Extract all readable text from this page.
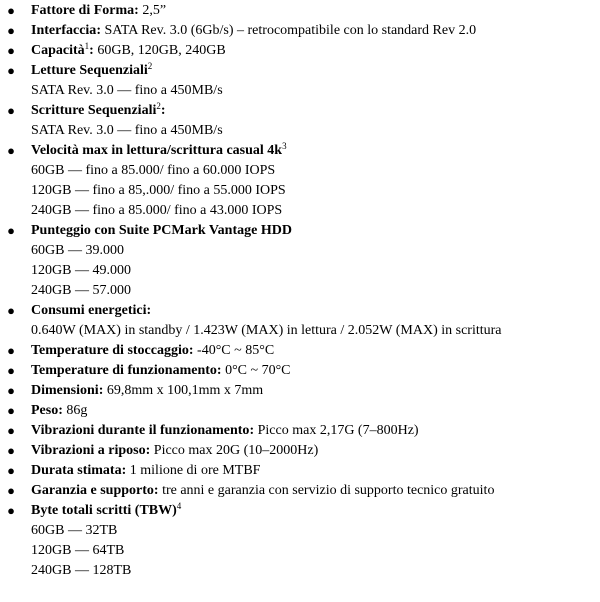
● Fattore di Forma: 2,5”
● Interfaccia: SATA Rev. 3.0 (6Gb/s) – retrocompatibile con lo standard Rev 2.0
● Capacità$^1$: 60GB, 120GB, 240GB
● Letture Sequenziali$^2$
SATA Rev. 3.0 — fino a 450MB/s
● Scritture Sequenziali$^2$:
SATA Rev. 3.0 — fino a 450MB/s
● Velocità max in lettura/scrittura casual $4k^3$
60GB — fino a 85.000/ fino a 60.000 IOPS
120GB — fino a 85,.000/ fino a 55.000 IOPS
240GB — fino a 85.000/ fino a 43.000 IOPS
● Punteggio con Suite PCMark Vantage HDD
60GB — 39.000
120GB — 49.000
240GB — 57.000
● Consumi energetici:
0.640W (MAX) in standby / 1.423W (MAX) in lettura / 2.052W (MAX) in scrittura
● Temperature di stoccaggio: -40°C ~ 85°C
● Temperature di funzionamento: 0°C ~ 70°C
● Dimensioni: 69,8mm x 100,1mm x 7mm
● Peso: 86g
● Vibrazioni durante il funzionamento: Picco max 2,17G (7–800Hz)
● Vibrazioni a riposo: Picco max 20G (10–2000Hz)
● Durata stimata: 1 milione di ore MTBF
● Garanzia e supporto: tre anni e garanzia con servizio di supporto tecnico gratuito
● Byte totali scritti (TBW)$^4$
60GB — 32TB
120GB — 64TB
240GB — 128TB
